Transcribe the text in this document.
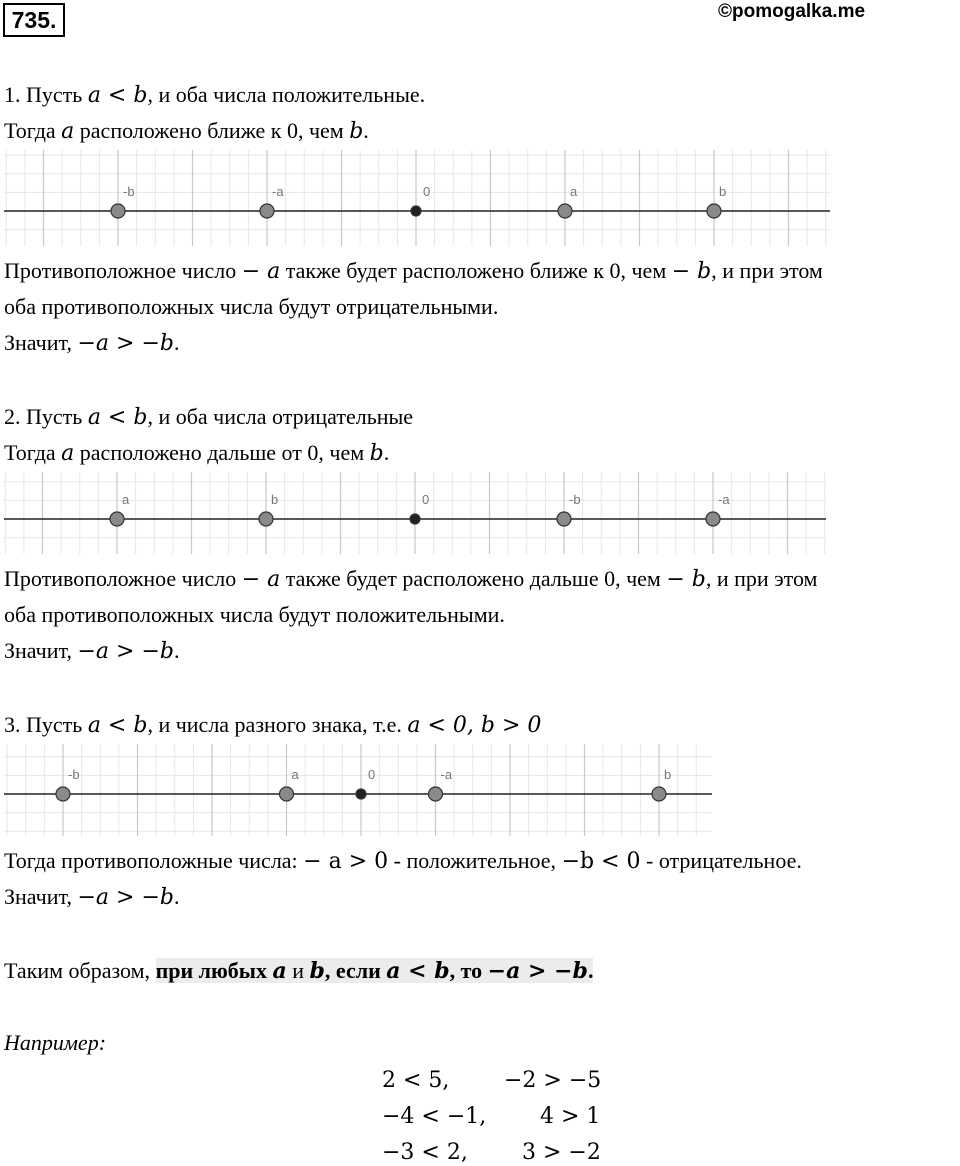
735.	©pomogalka.me
1. Пусть a < b, и оба числа положительные.
Тогда a расположено ближе к 0, чем b.
-b	-a	0	a	b
Противоположное число − a также будет расположено ближе к 0, чем − b, и при этом
оба противоположных числа будут отрицательными.
Значит, −a > −b.
2. Пусть a < b, и оба числа отрицательные
Тогда a расположено дальше от 0, чем b.
a	b	0	-b	-a
Противоположное число − a также будет расположено дальше 0, чем − b, и при этом
оба противоположных числа будут положительными.
Значит, −a > −b.
3. Пусть a < b, и числа разного знака, т.е. a < 0, b > 0
-b	a	0	-a	b
Тогда противоположные числа: − a > 0 - положительное, −b < 0 - отрицательное.
Значит, −a > −b.
Таким образом, при любых a и b, если a < b, то −a > −b.
Например:
2 < 5, −2 > −5
−4 < −1, 4 > 1
−3 < 2, 3 > −2
